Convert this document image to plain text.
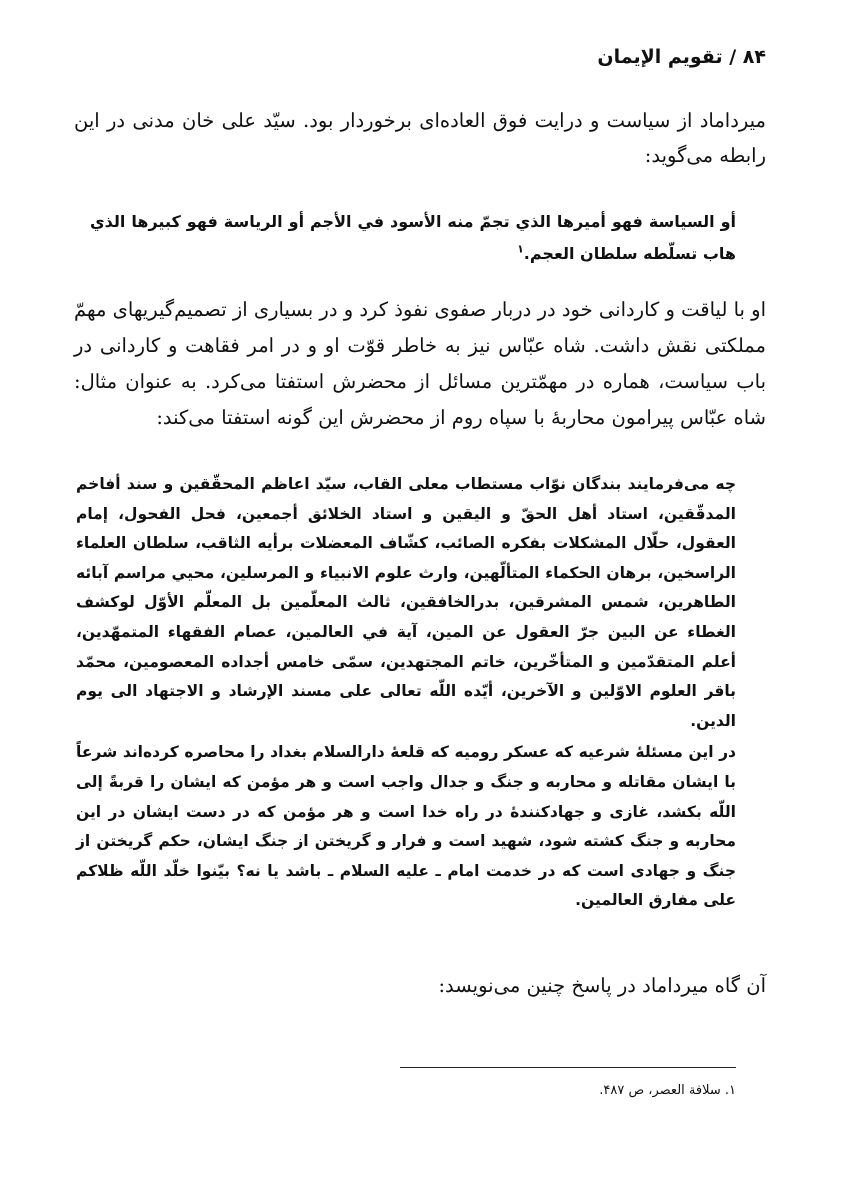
۸۴ / تقویم الإیمان

میرداماد از سیاست و درایت فوق العاده‌ای برخوردار بود. سیّد علی خان مدنی در این رابطه می‌گوید:

أو السیاسة فهو أمیرها الذي تجمّ منه الأسود في الأجم أو الریاسة فهو کبیرها الذي هاب تسلّطه سلطان العجم.$^۱$

او با لیاقت و کاردانی خود در دربار صفوی نفوذ کرد و در بسیاری از تصمیم‌گیریهای مهمّ مملکتی نقش داشت. شاه عبّاس نیز به خاطر قوّت او و در امر فقاهت و کاردانی در باب سیاست، هماره در مهمّترین مسائل از محضرش استفتا می‌کرد. به عنوان مثال: شاه عبّاس پیرامون محاربهٔ با سپاه روم از محضرش این گونه استفتا می‌کند:

چه می‌فرمایند بندگان نوّاب مستطاب معلی القاب، سیّد اعاظم المحقّقین و سند أفاخم المدقّقین، استاد أهل الحقّ و الیقین و استاد الخلائق أجمعین، فحل الفحول، إمام العقول، حلّال المشکلات بفکره الصائب، کشّاف المعضلات برأیه الثاقب، سلطان العلماء الراسخین، برهان الحکماء المتألّهین، وارث علوم الانبیاء و المرسلین، محیي مراسم آبائه الطاهرین، شمس المشرقین، بدرالخافقین، ثالث المعلّمین بل المعلّم الأوّل لوکشف الغطاء عن البین جرّ العقول عن المین، آیة في العالمین، عصام الفقهاء المتمهّدین، أعلم المتقدّمین و المتأخّرین، خاتم المجتهدین، سمّی خامس أجداده المعصومین، محمّد باقر العلوم الاوّلین و الآخرین، أیّده اللّه تعالی علی مسند الإرشاد و الاجتهاد الی یوم الدین.

در این مسئلهٔ شرعیه که عسکر رومیه که قلعهٔ دارالسلام بغداد را محاصره کرده‌اند شرعاً با ایشان مقاتله و محاربه و جنگ و جدال واجب است و هر مؤمن که ایشان را قربةً إلی اللّه بکشد، غازی و جهادکنندهٔ در راه خدا است و هر مؤمن که در دست ایشان در این محاربه و جنگ کشته شود، شهید است و فرار و گریختن از جنگ ایشان، حکم گریختن از جنگ و جهادی است که در خدمت امام ـ علیه السلام ـ باشد یا نه؟ بیّنوا خلّد اللّه ظلاکم علی مفارق العالمین.

آن گاه میرداماد در پاسخ چنین می‌نویسد:

۱. سلافة العصر، ص ۴۸۷.
